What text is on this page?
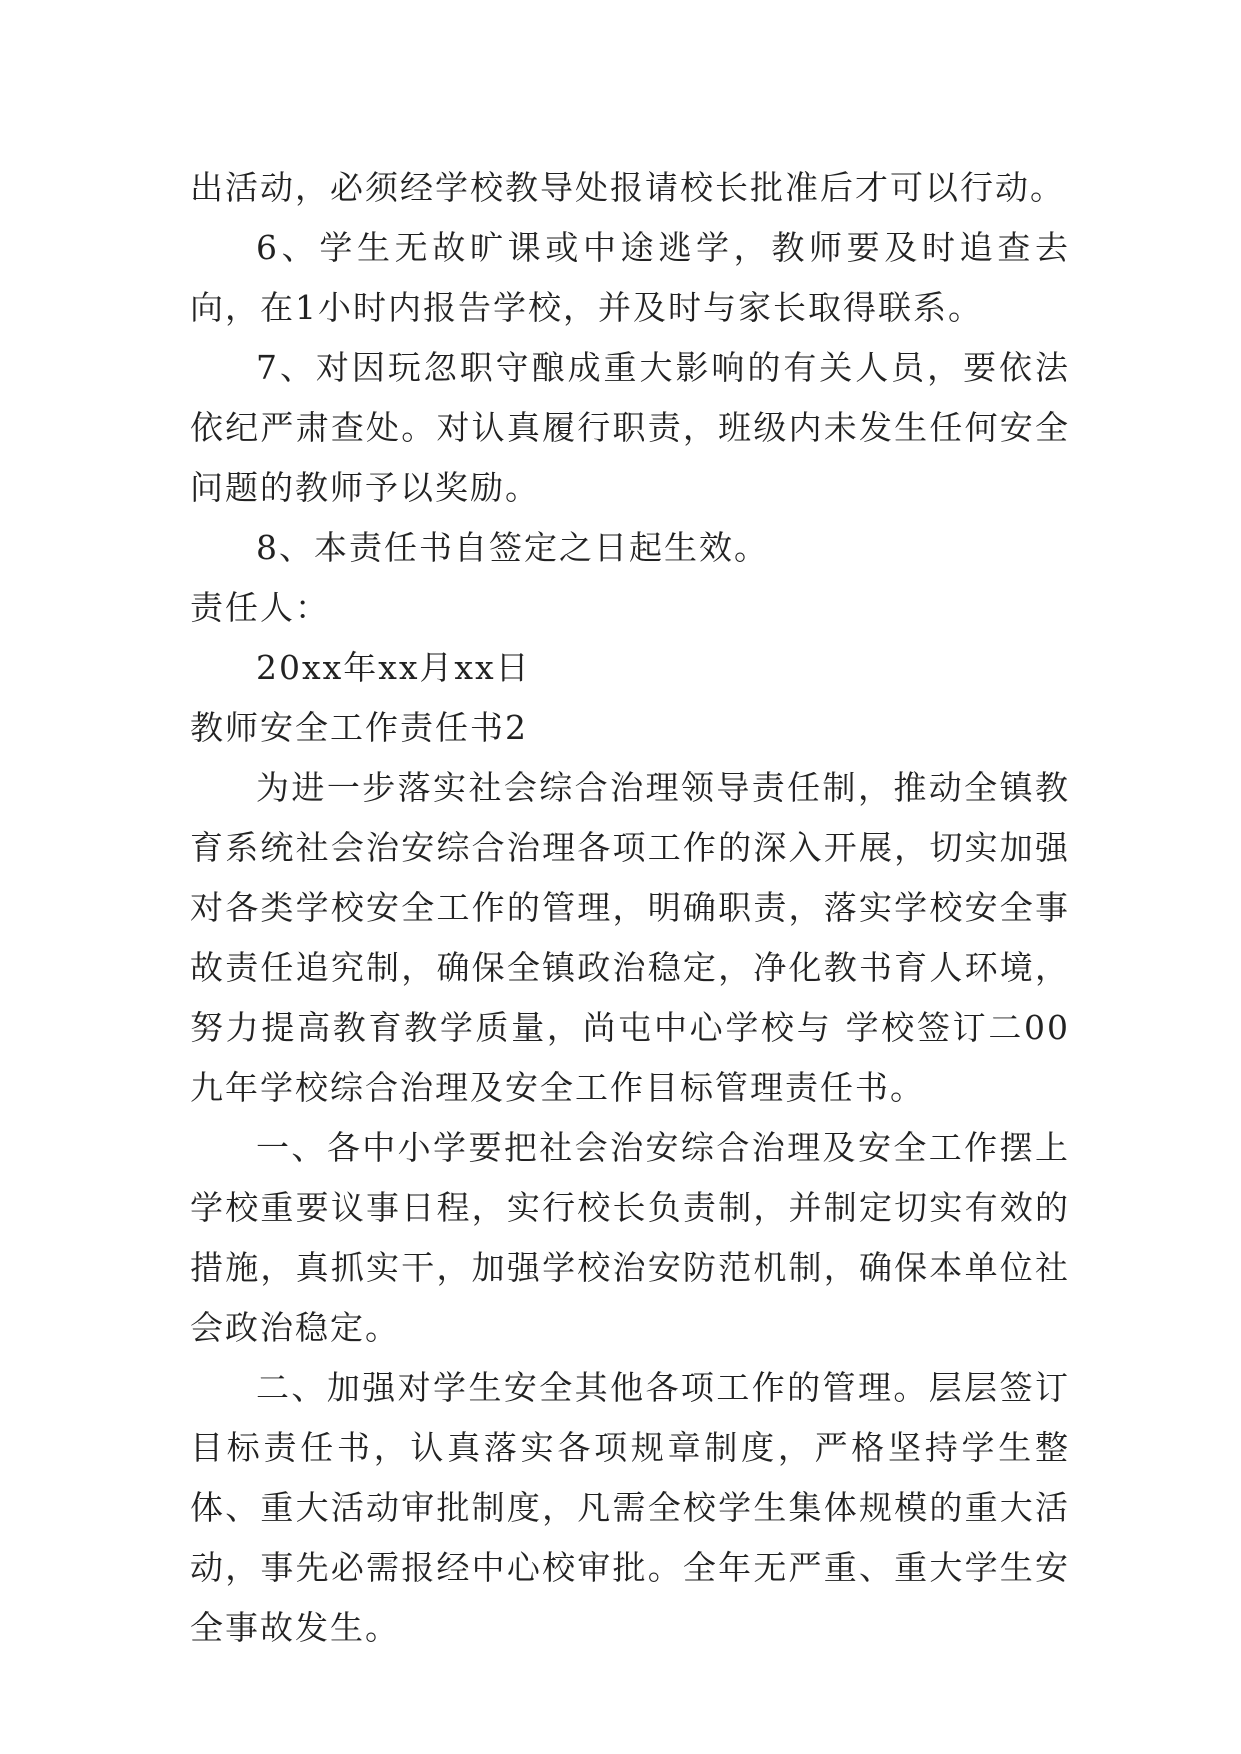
出活动，必须经学校教导处报请校长批准后才可以行动。

6、学生无故旷课或中途逃学，教师要及时追查去向，在1小时内报告学校，并及时与家长取得联系。

7、对因玩忽职守酿成重大影响的有关人员，要依法依纪严肃查处。对认真履行职责，班级内未发生任何安全问题的教师予以奖励。

8、本责任书自签定之日起生效。

责任人：

20xx年xx月xx日

教师安全工作责任书2

为进一步落实社会综合治理领导责任制，推动全镇教育系统社会治安综合治理各项工作的深入开展，切实加强对各类学校安全工作的管理，明确职责，落实学校安全事故责任追究制，确保全镇政治稳定，净化教书育人环境，努力提高教育教学质量，尚屯中心学校与 学校签订二00九年学校综合治理及安全工作目标管理责任书。

一、各中小学要把社会治安综合治理及安全工作摆上学校重要议事日程，实行校长负责制，并制定切实有效的措施，真抓实干，加强学校治安防范机制，确保本单位社会政治稳定。

二、加强对学生安全其他各项工作的管理。层层签订目标责任书，认真落实各项规章制度，严格坚持学生整体、重大活动审批制度，凡需全校学生集体规模的重大活动，事先必需报经中心校审批。全年无严重、重大学生安全事故发生。
